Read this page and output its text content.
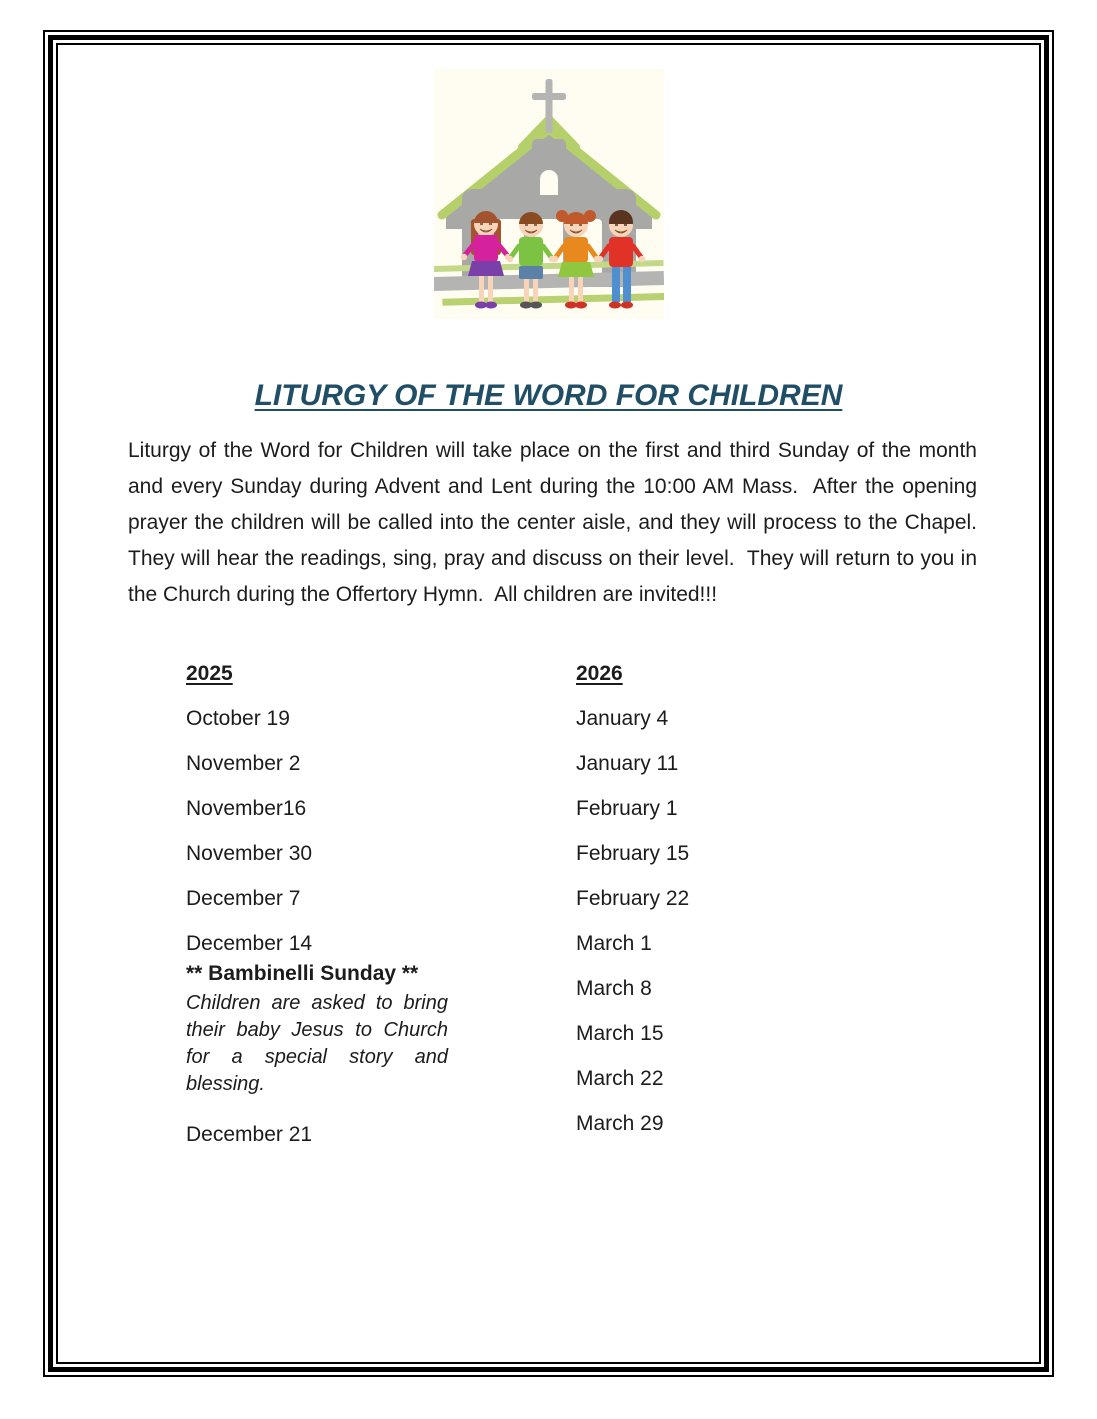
LITURGY OF THE WORD FOR CHILDREN

Liturgy of the Word for Children will take place on the first and third Sunday of the month and every Sunday during Advent and Lent during the 10:00 AM Mass.  After the opening prayer the children will be called into the center aisle, and they will process to the Chapel.  They will hear the readings, sing, pray and discuss on their level.  They will return to you in the Church during the Offertory Hymn.  All children are invited!!!

2025
October 19
November 2
November16
November 30
December 7
December 14
** Bambinelli Sunday **
Children are asked to bring their baby Jesus to Church for a special story and blessing.
December 21
2026
January 4
January 11
February 1
February 15
February 22
March 1
March 8
March 15
March 22
March 29
